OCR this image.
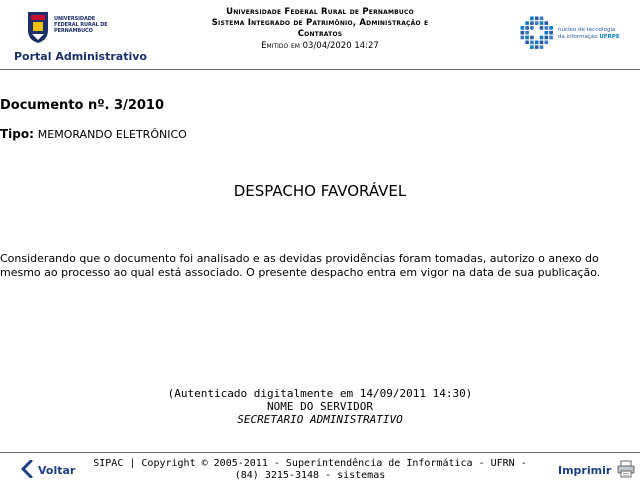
UNIVERSIDADE FEDERAL RURAL DE PERNAMBUCO
Portal Administrativo
Universidade Federal Rural de Pernambuco
Sistema Integrado de Patrimônio, Administração e
Contratos
Emitido em 03/04/2020 14:27
núcleo de tecnologia
da informação UFRPE
Documento nº. 3/2010
Tipo: MEMORANDO ELETRÔNICO
DESPACHO FAVORÁVEL
Considerando que o documento foi analisado e as devidas providências foram tomadas, autorizo o anexo do mesmo ao processo ao qual está associado. O presente despacho entra em vigor na data de sua publicação.
(Autenticado digitalmente em 14/09/2011 14:30)
NOME DO SERVIDOR
SECRETARIO ADMINISTRATIVO
Voltar
SIPAC | Copyright © 2005-2011 - Superintendência de Informática - UFRN -
(84) 3215-3148 - sistemas	Imprimir
